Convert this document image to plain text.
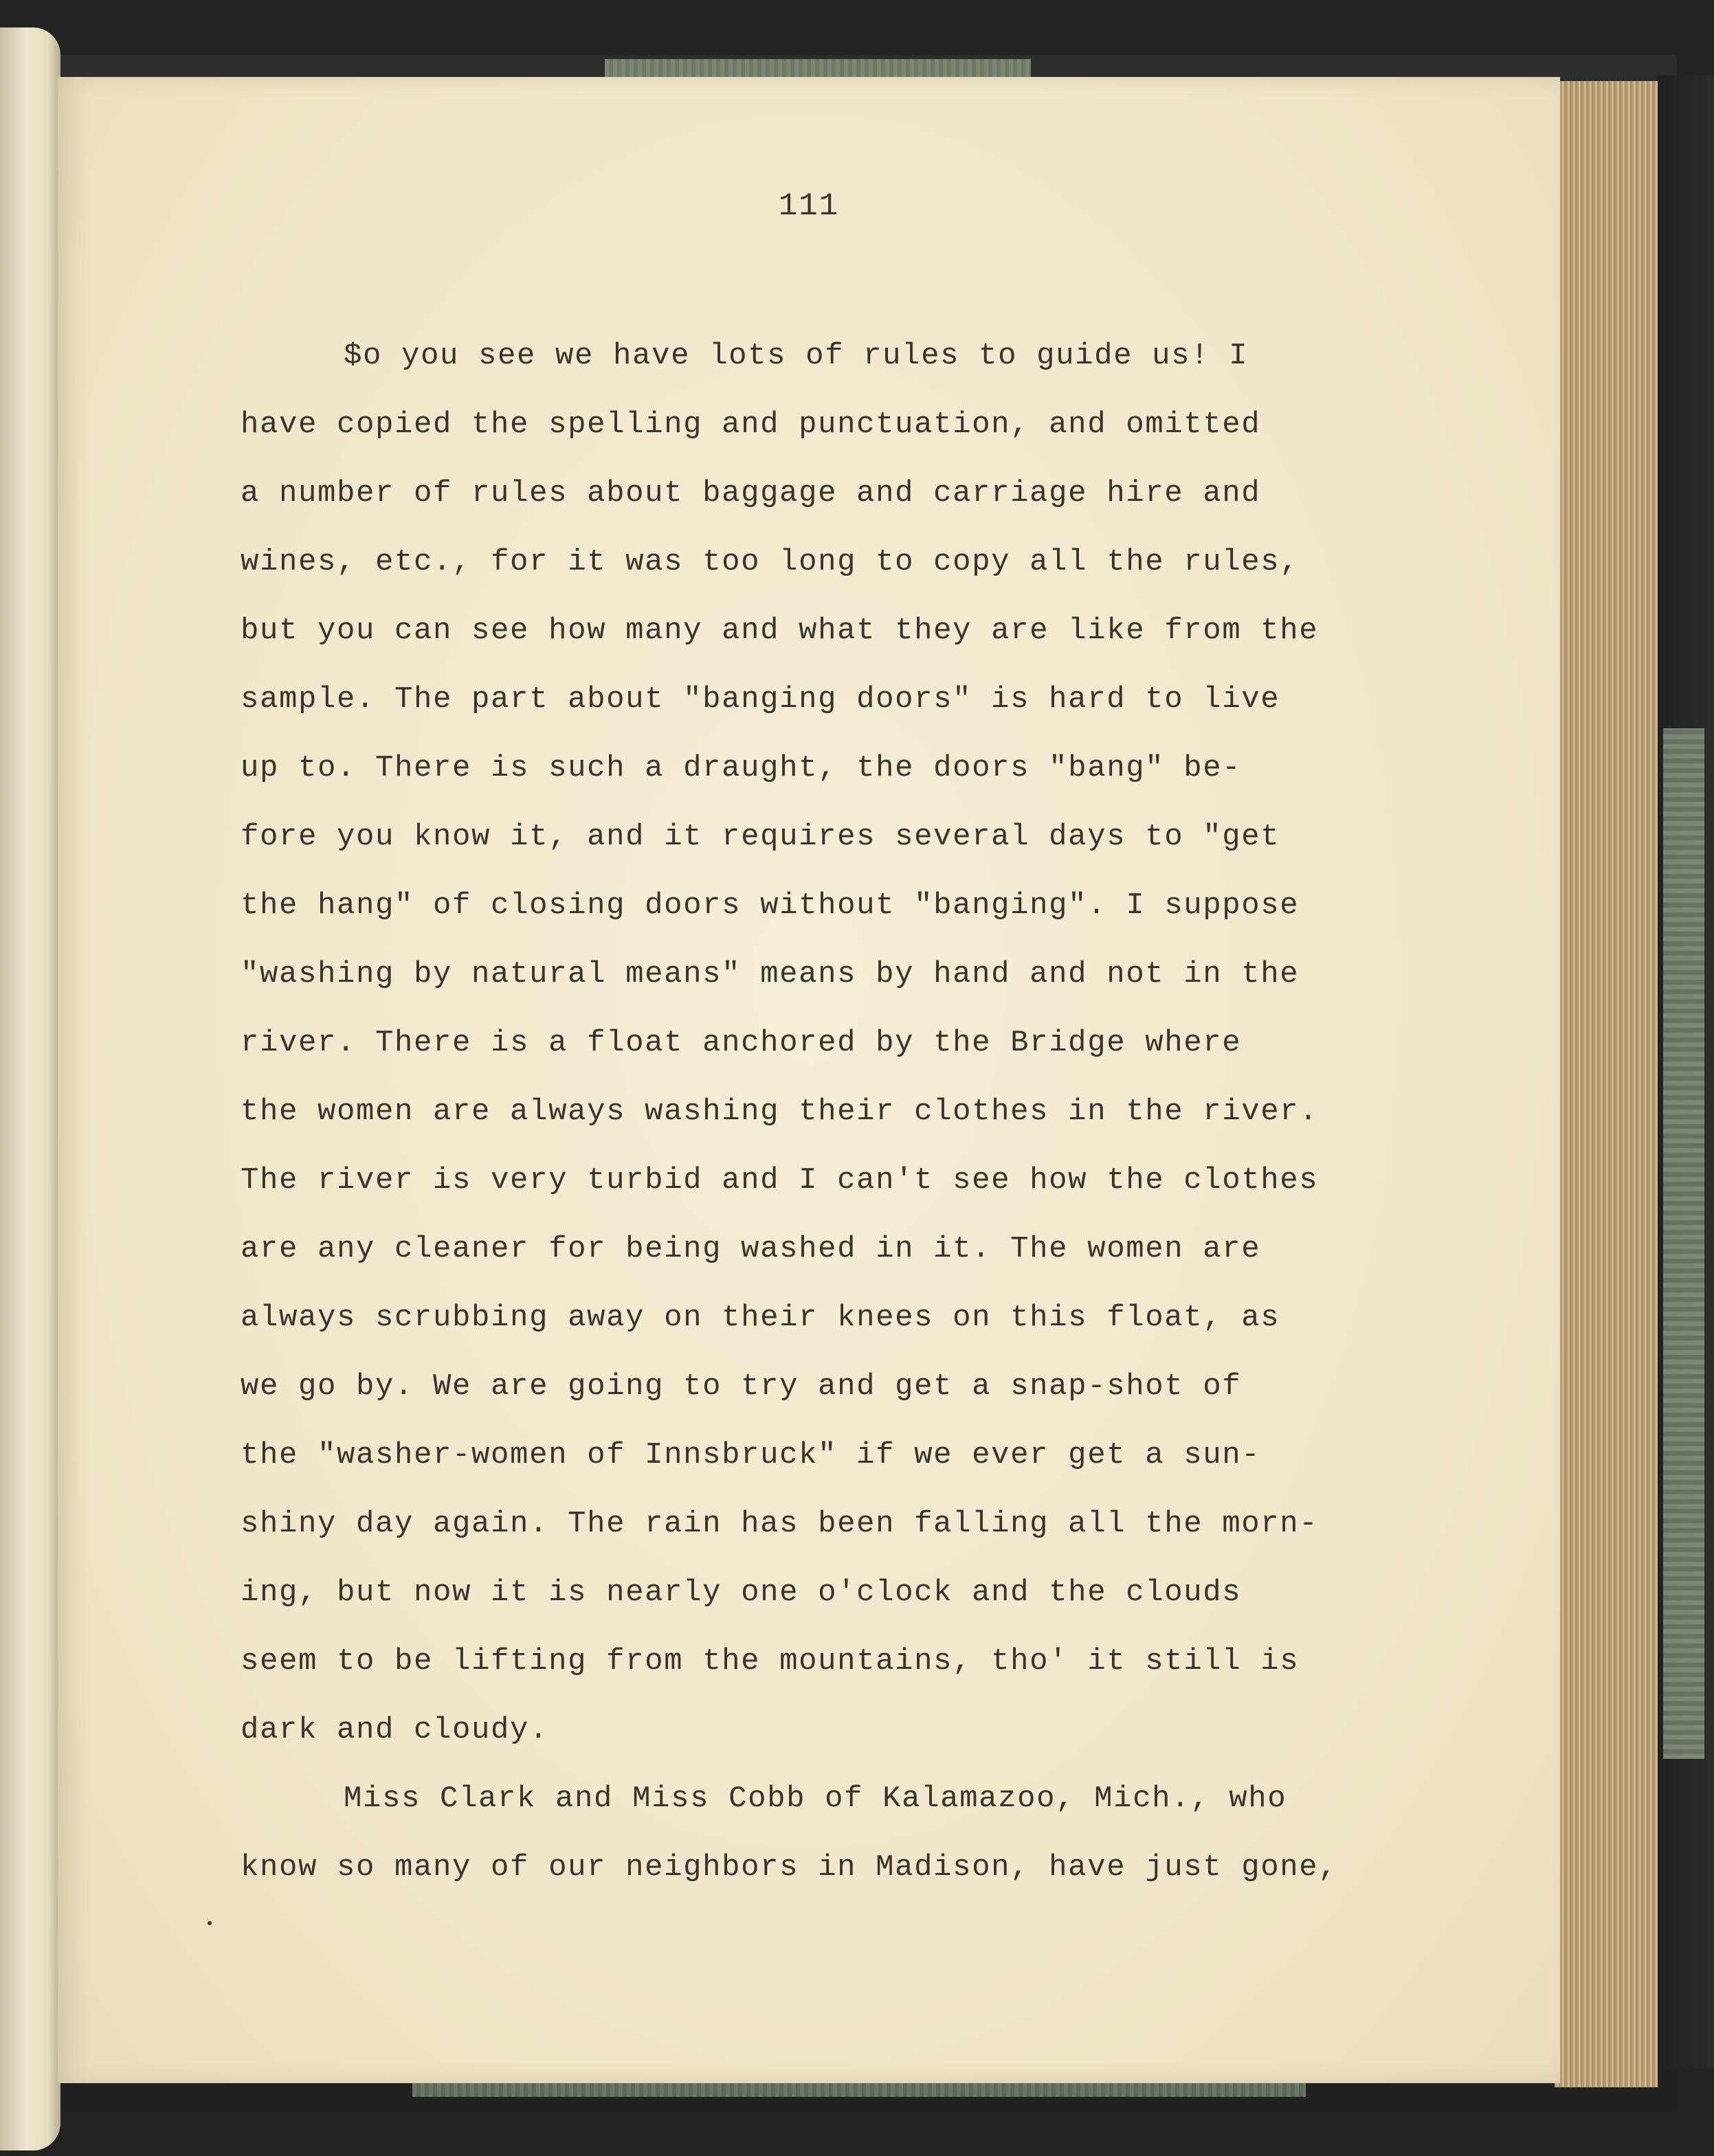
111
$o you see we have lots of rules to guide us! I
have copied the spelling and punctuation, and omitted
a number of rules about baggage and carriage hire and
wines, etc., for it was too long to copy all the rules,
but you can see how many and what they are like from the
sample. The part about "banging doors" is hard to live
up to. There is such a draught, the doors "bang" be-
fore you know it, and it requires several days to "get
the hang" of closing doors without "banging". I suppose
"washing by natural means" means by hand and not in the
river. There is a float anchored by the Bridge where
the women are always washing their clothes in the river.
The river is very turbid and I can't see how the clothes
are any cleaner for being washed in it. The women are
always scrubbing away on their knees on this float, as
we go by. We are going to try and get a snap-shot of
the "washer-women of Innsbruck" if we ever get a sun-
shiny day again. The rain has been falling all the morn-
ing, but now it is nearly one o'clock and the clouds
seem to be lifting from the mountains, tho' it still is
dark and cloudy.
Miss Clark and Miss Cobb of Kalamazoo, Mich., who
know so many of our neighbors in Madison, have just gone,
